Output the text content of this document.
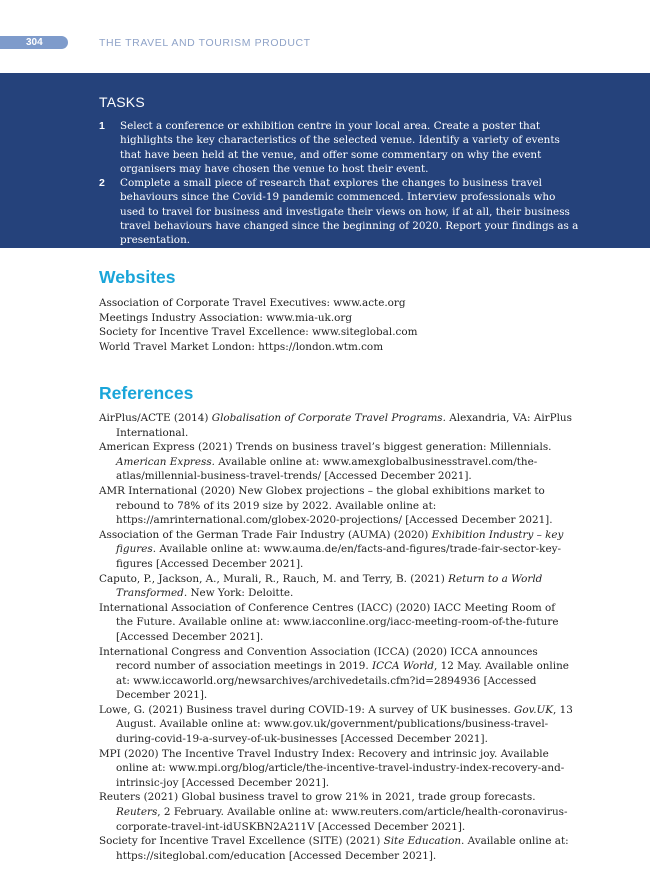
304	THE TRAVEL AND TOURISM PRODUCT
TASKS
1 Select a conference or exhibition centre in your local area. Create a poster that highlights the key characteristics of the selected venue. Identify a variety of events that have been held at the venue, and offer some commentary on why the event organisers may have chosen the venue to host their event.
2 Complete a small piece of research that explores the changes to business travel behaviours since the Covid-19 pandemic commenced. Interview professionals who used to travel for business and investigate their views on how, if at all, their business travel behaviours have changed since the beginning of 2020. Report your findings as a presentation.
Websites
Association of Corporate Travel Executives: www.acte.org
Meetings Industry Association: www.mia-uk.org
Society for Incentive Travel Excellence: www.siteglobal.com
World Travel Market London: https://london.wtm.com
References
AirPlus/ACTE (2014) Globalisation of Corporate Travel Programs. Alexandria, VA: AirPlus International.
American Express (2021) Trends on business travel’s biggest generation: Millennials. American Express. Available online at: www.amexglobalbusinesstravel.com/the-atlas/millennial-business-travel-trends/ [Accessed December 2021].
AMR International (2020) New Globex projections – the global exhibitions market to rebound to 78% of its 2019 size by 2022. Available online at: https://amrinternational.com/globex-2020-projections/ [Accessed December 2021].
Association of the German Trade Fair Industry (AUMA) (2020) Exhibition Industry – key figures. Available online at: www.auma.de/en/facts-and-figures/trade-fair-sector-key-figures [Accessed December 2021].
Caputo, P., Jackson, A., Murali, R., Rauch, M. and Terry, B. (2021) Return to a World Transformed. New York: Deloitte.
International Association of Conference Centres (IACC) (2020) IACC Meeting Room of the Future. Available online at: www.iacconline.org/iacc-meeting-room-of-the-future [Accessed December 2021].
International Congress and Convention Association (ICCA) (2020) ICCA announces record number of association meetings in 2019. ICCA World, 12 May. Available online at: www.iccaworld.org/newsarchives/archivedetails.cfm?id=2894936 [Accessed December 2021].
Lowe, G. (2021) Business travel during COVID-19: A survey of UK businesses. Gov.UK, 13 August. Available online at: www.gov.uk/government/publications/business-travel-during-covid-19-a-survey-of-uk-businesses [Accessed December 2021].
MPI (2020) The Incentive Travel Industry Index: Recovery and intrinsic joy. Available online at: www.mpi.org/blog/article/the-incentive-travel-industry-index-recovery-and-intrinsic-joy [Accessed December 2021].
Reuters (2021) Global business travel to grow 21% in 2021, trade group forecasts. Reuters, 2 February. Available online at: www.reuters.com/article/health-coronavirus-corporate-travel-int-idUSKBN2A211V [Accessed December 2021].
Society for Incentive Travel Excellence (SITE) (2021) Site Education. Available online at: https://siteglobal.com/education [Accessed December 2021].
